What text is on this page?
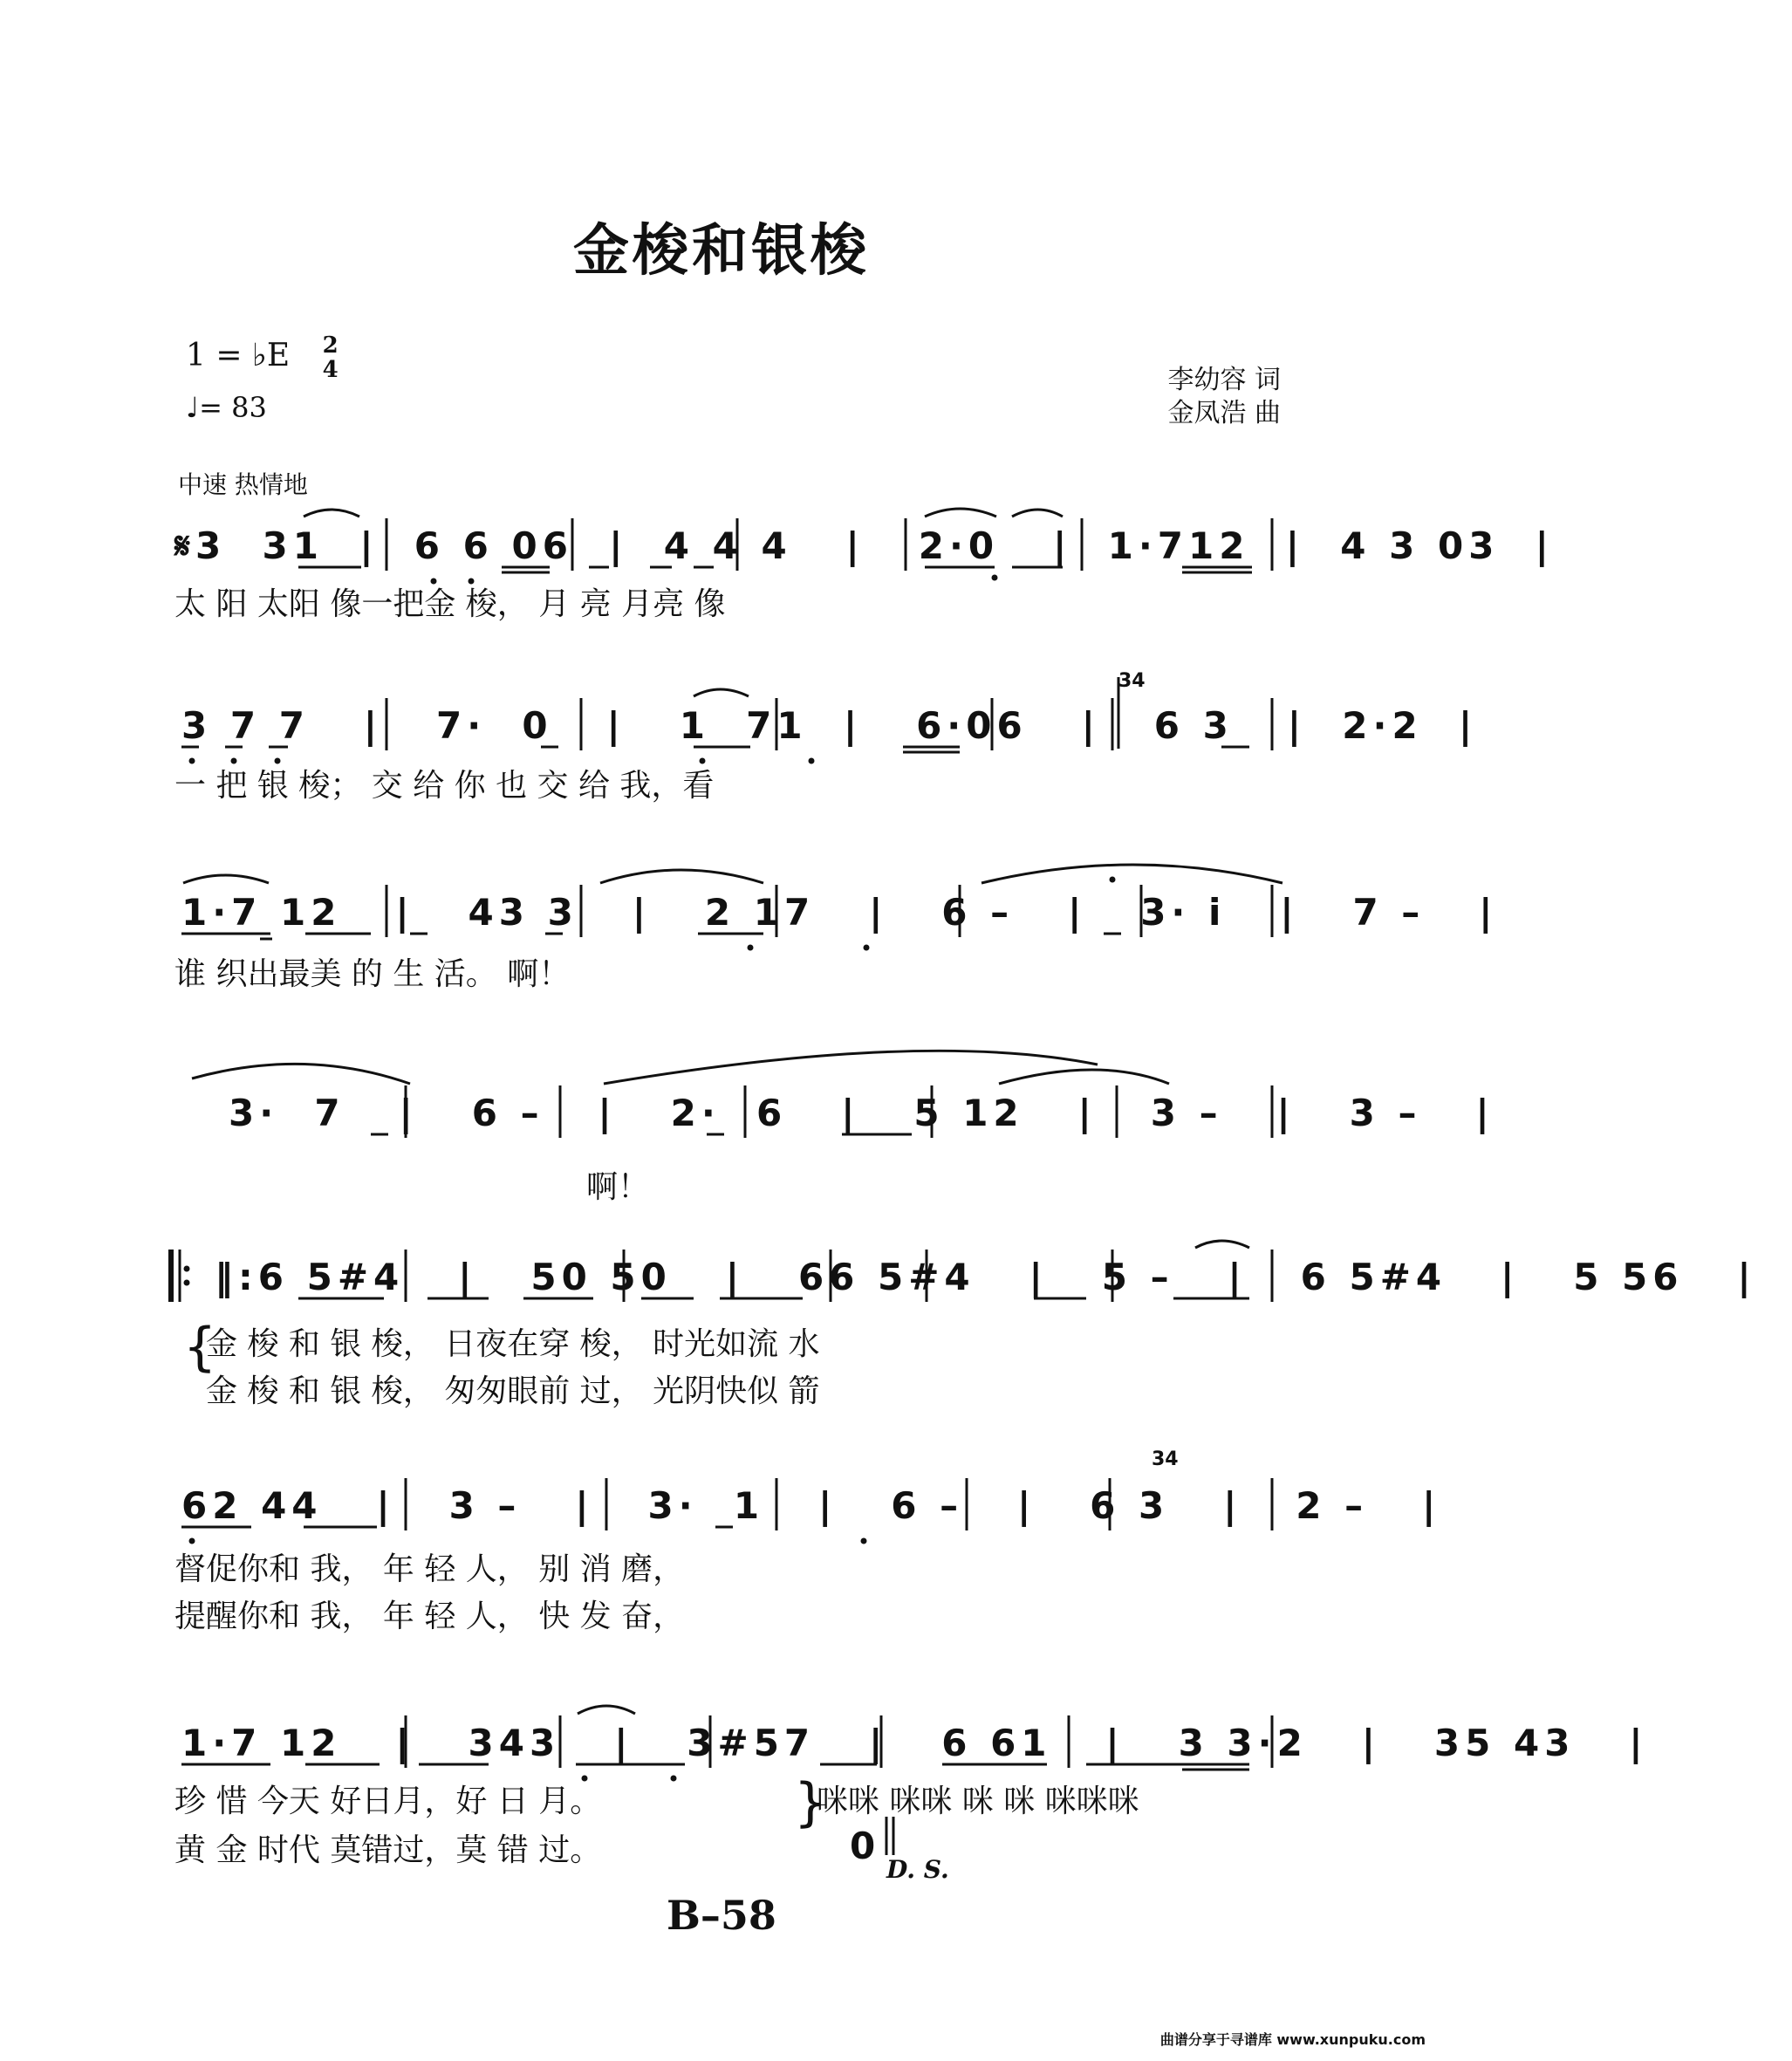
金梭和银梭
1 = ♭E 2
4
♩= 83
李幼容 词
金凤浩 曲
中速 热情地
𝄋3  31  |  6 6 06  |  4 4 4   |   2·0   |  1·712  |  4 3 03  |
太 阳 太阳 像一把金 梭， 月 亮 月亮 像
34
3 7 7   |   7·  0   |   1  71  |   6·06   |   6 3   |  2·2  |
一 把 银 梭； 交 给 你 也 交 给 我，看
1·7 12   |   43 3   |   2 17   |   6 –   |   3· i   |   7 –   |
谁 织出最美 的 生 活。 啊！
3·  7   |   6 –   |   2·  6   |   5 12   |   3 –   |   3 –   |
啊！
‖:6 5#4   |   50 50   |   66 5#4   |   5 –   |   6 5#4   |   5 56   |
{
金 梭 和 银 梭， 日夜在穿 梭， 时光如流 水
金 梭 和 银 梭， 匆匆眼前 过， 光阴快似 箭
34
62 44   |   3 –   |   3·  1   |   6 –   |   6 3   |   2 –   |
督促你和 我， 年 轻 人， 别 消 磨，
提醒你和 我， 年 轻 人， 快 发 奋，
1·7 12   |   343   |   3#57   |   6 61   |   3 3·2   |   35 43   |
珍 惜 今天 好日月，好 日 月。
黄 金 时代 莫错过，莫 错 过。
}
咪咪 咪咪 咪 咪 咪咪咪
0
D. S.
B–58
曲谱分享于寻谱库 www.xunpuku.com
